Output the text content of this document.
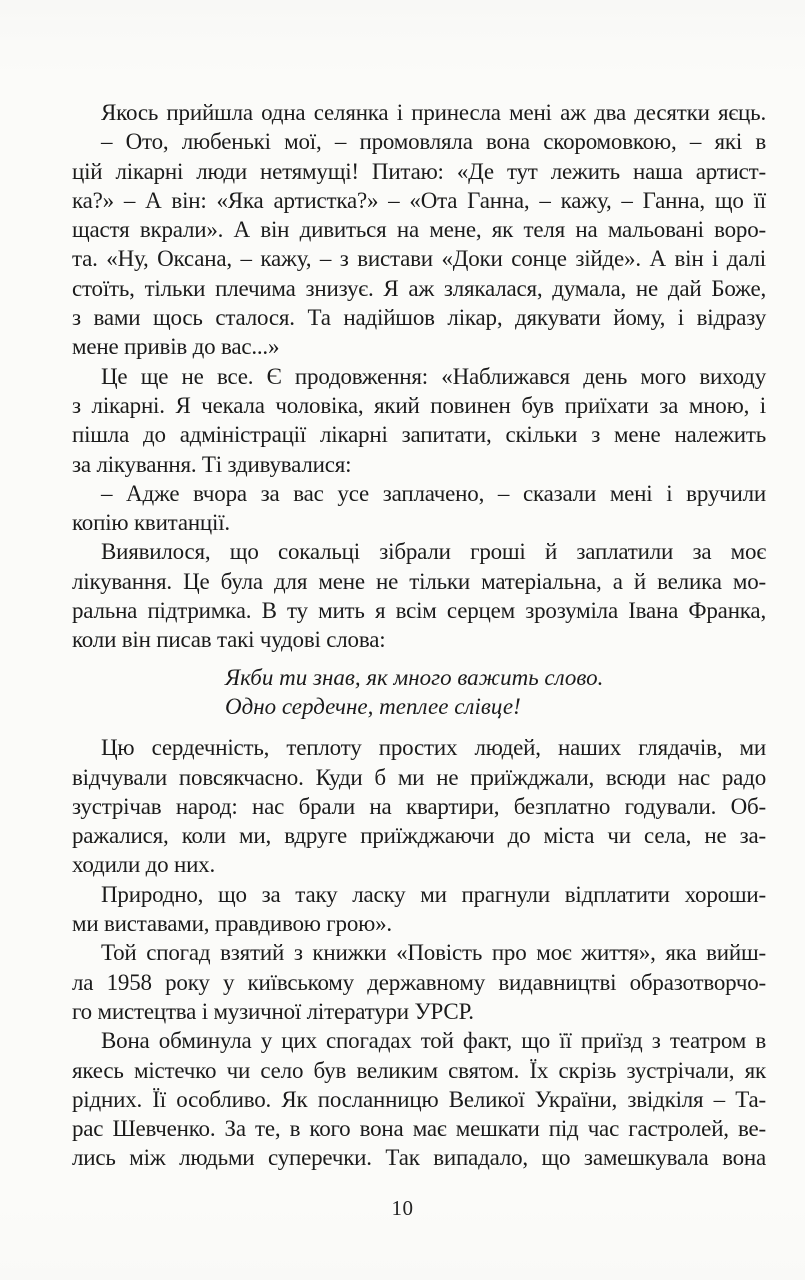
Якось прийшла одна селянка і принесла мені аж два десятки яєць.
– Ото, любенькі мої, – промовляла вона скоромовкою, – які в
цій лікарні люди нетямущі! Питаю: «Де тут лежить наша артист-
ка?» – А він: «Яка артистка?» – «Ота Ганна, – кажу, – Ганна, що її
щастя вкрали». А він дивиться на мене, як теля на мальовані воро-
та. «Ну, Оксана, – кажу, – з вистави «Доки сонце зійде». А він і далі
стоїть, тільки плечима знизує. Я аж злякалася, думала, не дай Боже,
з вами щось сталося. Та надійшов лікар, дякувати йому, і відразу
мене привів до вас...»
Це ще не все. Є продовження: «Наближався день мого виходу
з лікарні. Я чекала чоловіка, який повинен був приїхати за мною, і
пішла до адміністрації лікарні запитати, скільки з мене належить
за лікування. Ті здивувалися:
– Адже вчора за вас усе заплачено, – сказали мені і вручили
копію квитанції.
Виявилося, що сокальці зібрали гроші й заплатили за моє
лікування. Це була для мене не тільки матеріальна, а й велика мо-
ральна підтримка. В ту мить я всім серцем зрозуміла Івана Франка,
коли він писав такі чудові слова:
Якби ти знав, як много важить слово.
Одно сердечне, теплее слівце!
Цю сердечність, теплоту простих людей, наших глядачів, ми
відчували повсякчасно. Куди б ми не приїжджали, всюди нас радо
зустрічав народ: нас брали на квартири, безплатно годували. Об-
ражалися, коли ми, вдруге приїжджаючи до міста чи села, не за-
ходили до них.
Природно, що за таку ласку ми прагнули відплатити хороши-
ми виставами, правдивою грою».
Той спогад взятий з книжки «Повість про моє життя», яка вийш-
ла 1958 року у київському державному видавництві образотворчо-
го мистецтва і музичної літератури УРСР.
Вона обминула у цих спогадах той факт, що її приїзд з театром в
якесь містечко чи село був великим святом. Їх скрізь зустрічали, як
рідних. Її особливо. Як посланницю Великої України, звідкіля – Та-
рас Шевченко. За те, в кого вона має мешкати під час гастролей, ве-
лись між людьми суперечки. Так випадало, що замешкувала вона
10
